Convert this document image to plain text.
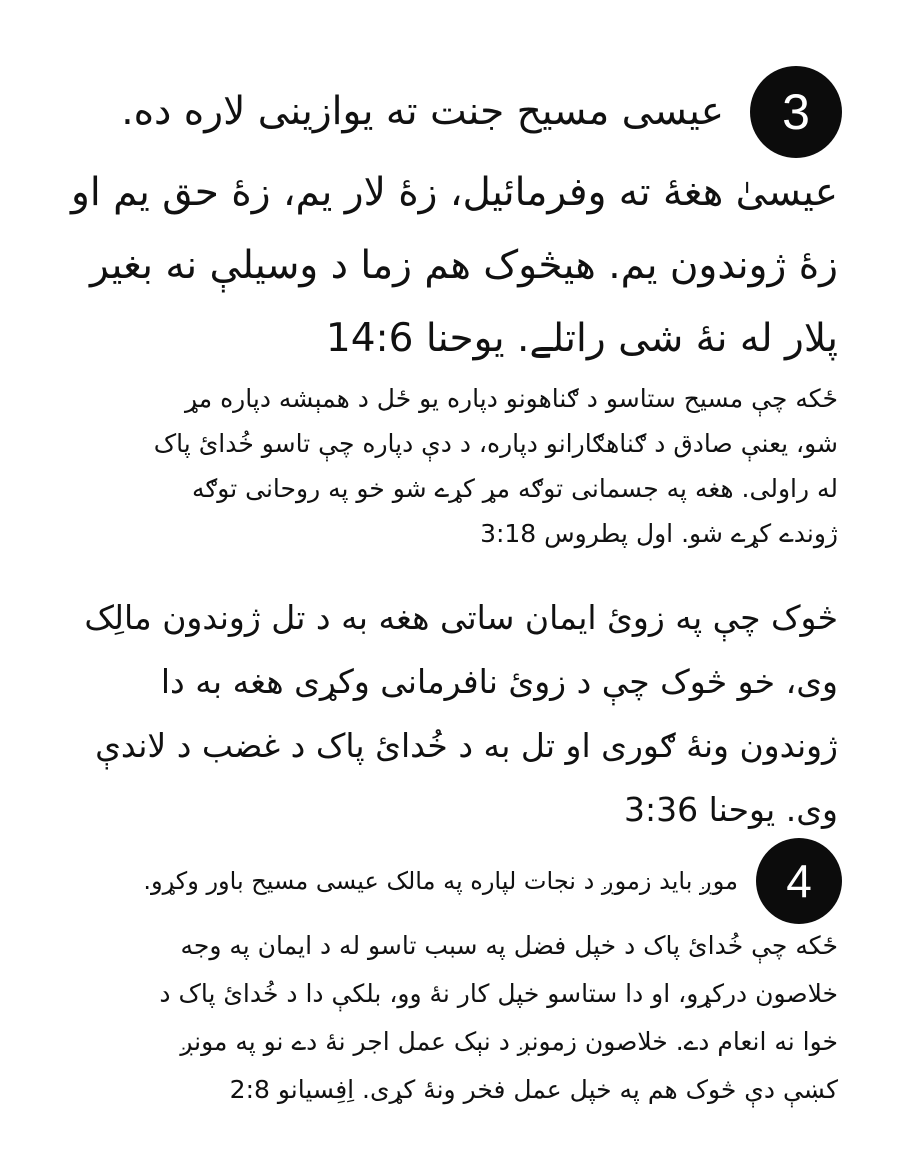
3
عیسی مسیح جنت ته یوازینی لاره ده.
عیسیٰ هغهٔ ته وفرمائیل، زهٔ لار یم، زهٔ حق یم او
زهٔ ژوندون یم. هیڅوک هم زما د وسیلې نه بغیر
پلار له نهٔ شی راتلے. یوحنا 14:6
ځکه چې مسیح ستاسو د ګناهونو دپاره یو ځل د همېشه دپاره مړ
شو، یعنې صادق د ګناهګارانو دپاره، د دې دپاره چې تاسو خُدائ پاک
له راولی. هغه په جسمانی توګه مړ کړے شو خو په روحانی توګه
ژوندے کړے شو. اول پطروس 3:18
څوک چې په زوئ ایمان ساتی هغه به د تل ژوندون مالِک
وی، خو څوک چې د زوئ نافرمانی وکړی هغه به دا
ژوندون ونهٔ ګوری او تل به د خُدائ پاک د غضب د لاندې
وی. یوحنا 3:36
4
موږ باید زموږ د نجات لپاره په مالک عیسی مسیح باور وکړو.
ځکه چې خُدائ پاک د خپل فضل په سبب تاسو له د ایمان په وجه
خلاصون درکړو، او دا ستاسو خپل کار نهٔ وو، بلکې دا د خُدائ پاک د
خوا نه انعام دے. خلاصون زمونږ د نېک عمل اجر نهٔ دے نو په مونږ
کښې دې څوک هم په خپل عمل فخر ونهٔ کړی. اِفِسیانو 2:8
